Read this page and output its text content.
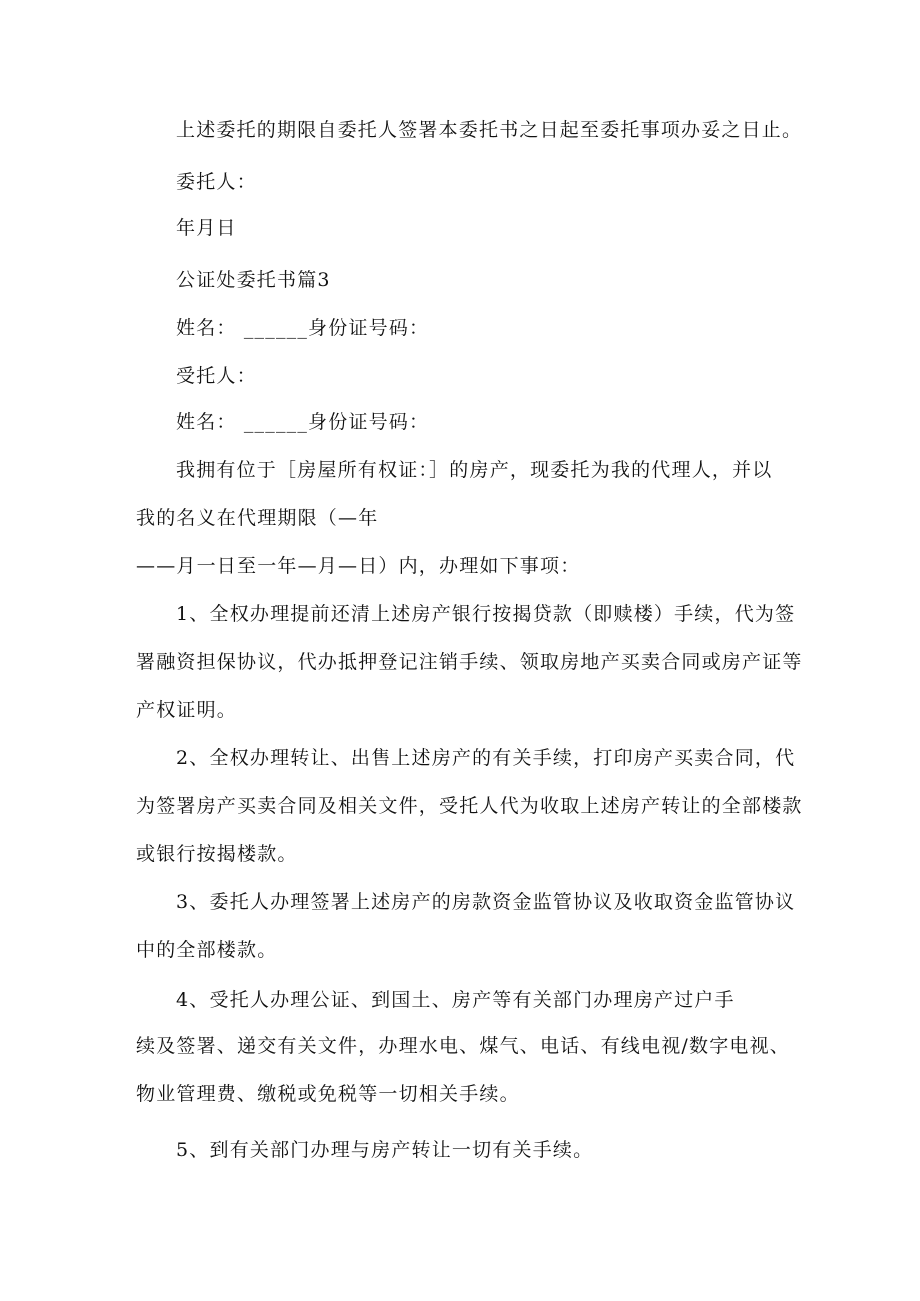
上述委托的期限自委托人签署本委托书之日起至委托事项办妥之日止。
委托人：
年月日
公证处委托书篇3
姓名： ______身份证号码：
受托人：
姓名： ______身份证号码：
我拥有位于［房屋所有权证：］的房产，现委托为我的代理人，并以
我的名义在代理期限（—年
——月一日至一年—月—日）内，办理如下事项：
1、全权办理提前还清上述房产银行按揭贷款（即赎楼）手续，代为签
署融资担保协议，代办抵押登记注销手续、领取房地产买卖合同或房产证等
产权证明。
2、全权办理转让、出售上述房产的有关手续，打印房产买卖合同，代
为签署房产买卖合同及相关文件，受托人代为收取上述房产转让的全部楼款
或银行按揭楼款。
3、委托人办理签署上述房产的房款资金监管协议及收取资金监管协议
中的全部楼款。
4、受托人办理公证、到国土、房产等有关部门办理房产过户手
续及签署、递交有关文件，办理水电、煤气、电话、有线电视/数字电视、
物业管理费、缴税或免税等一切相关手续。
5、到有关部门办理与房产转让一切有关手续。
